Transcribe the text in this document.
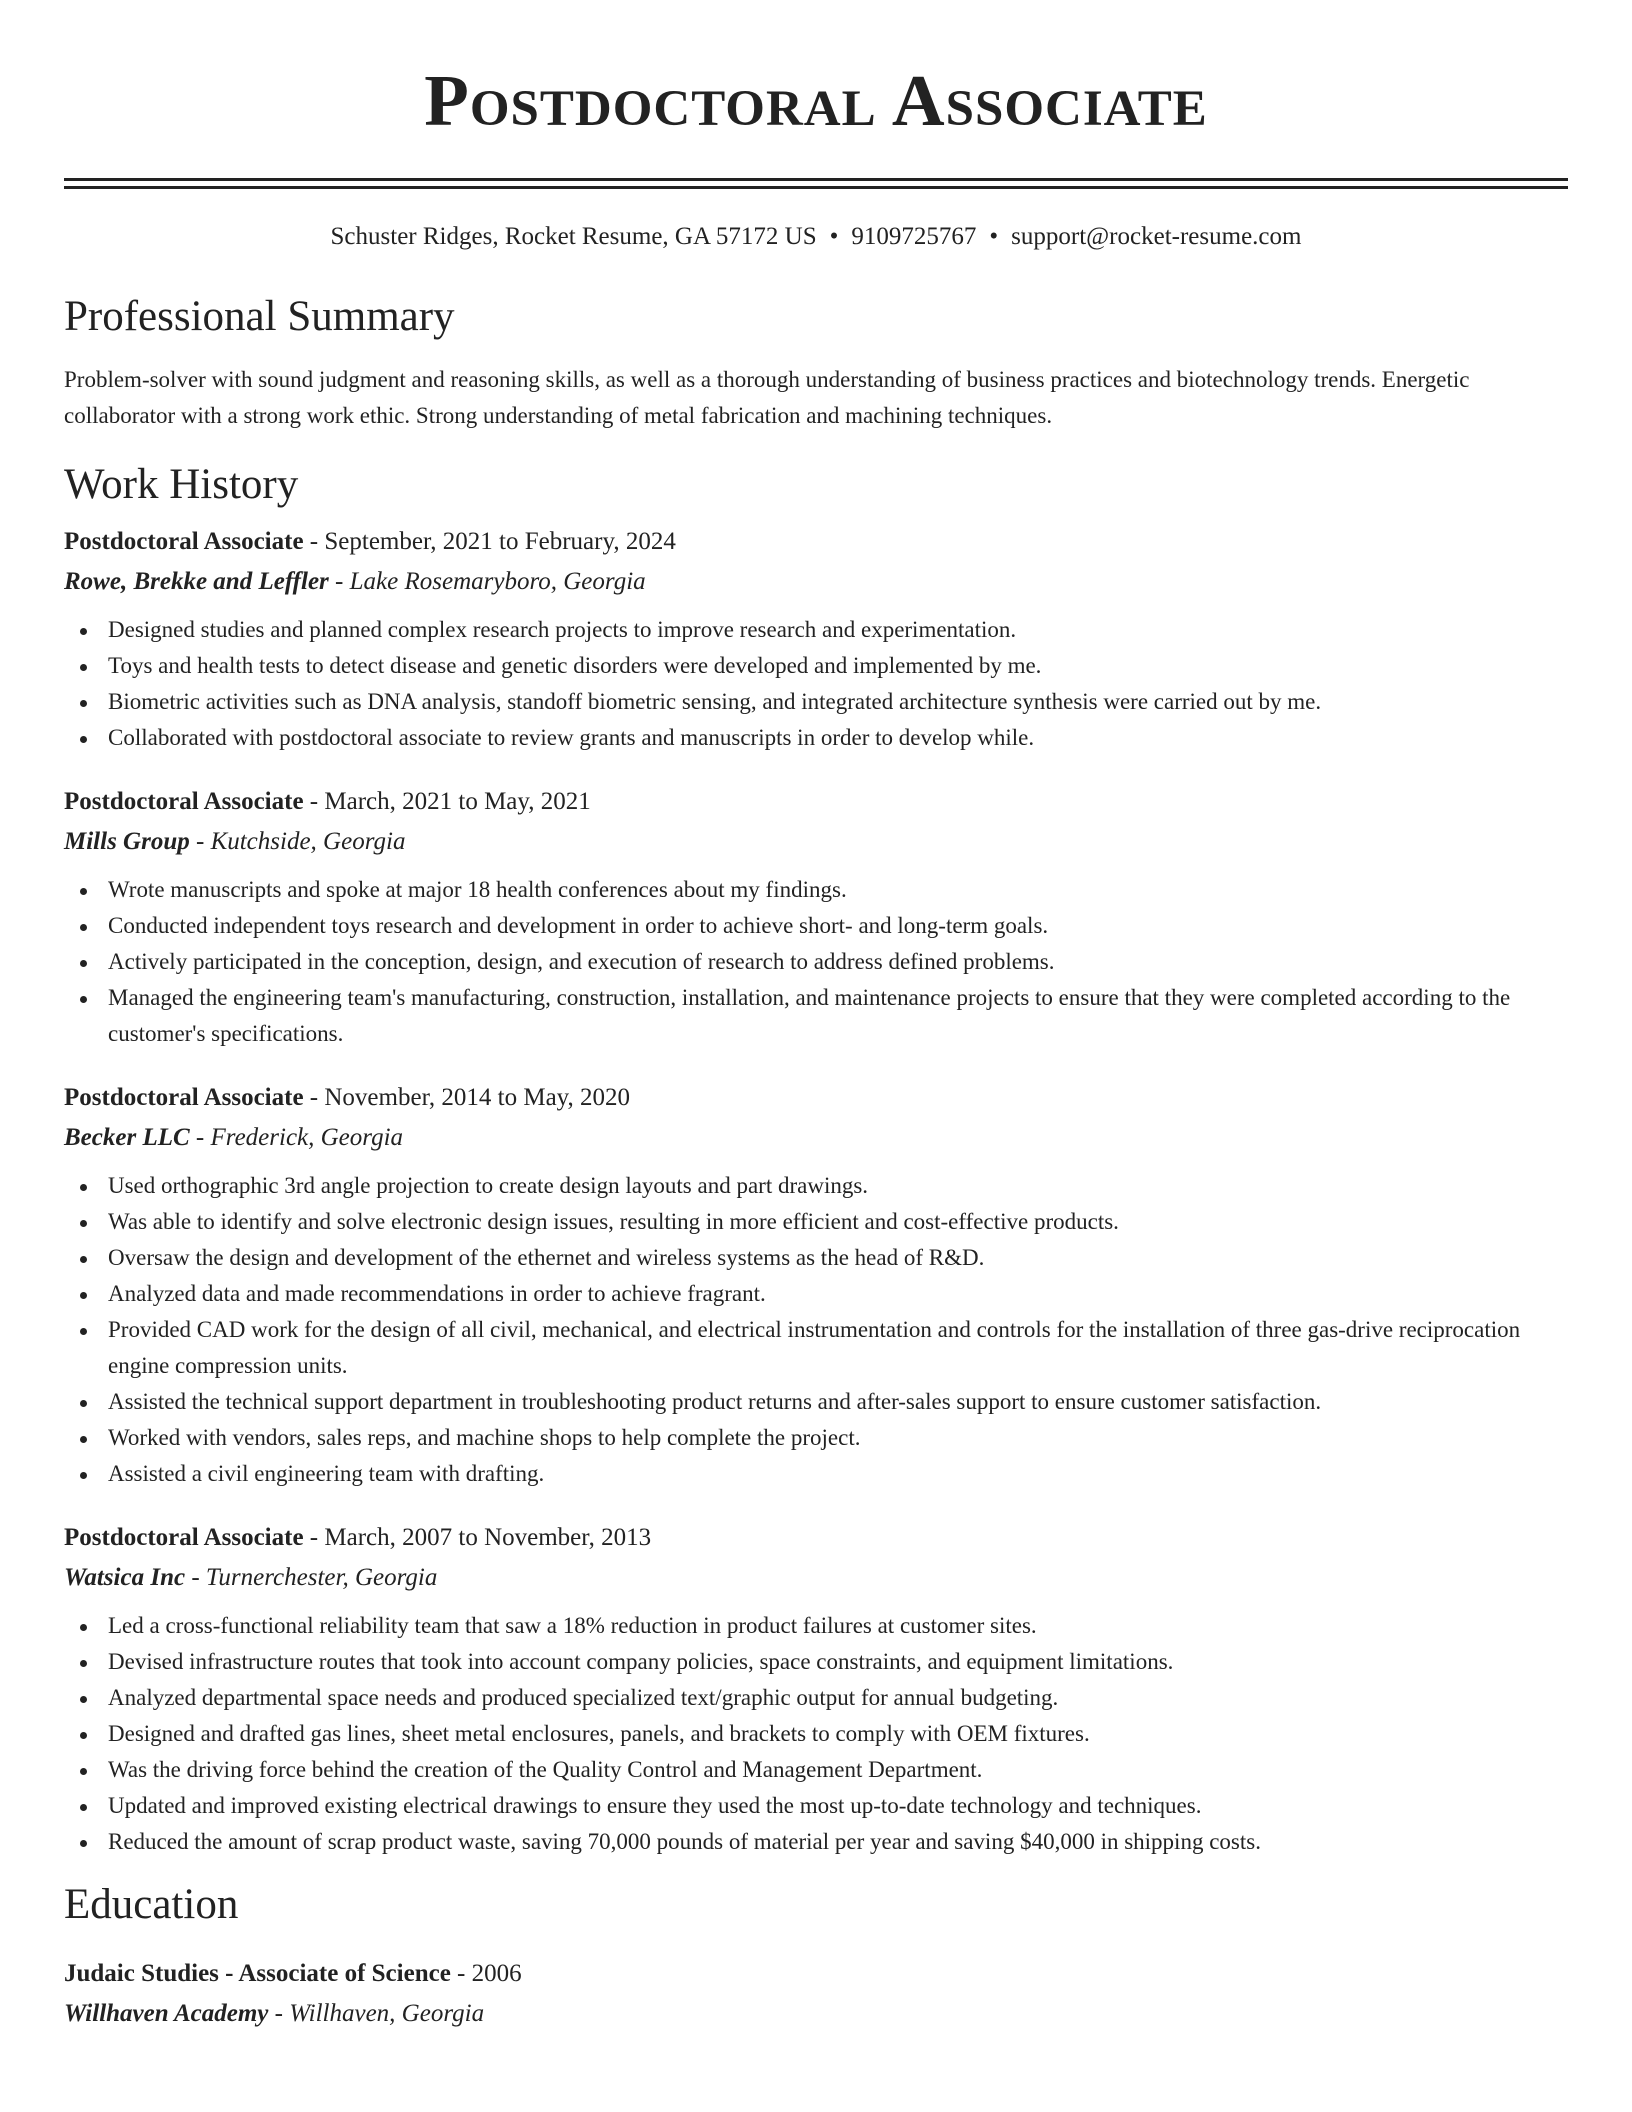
Postdoctoral Associate
Schuster Ridges, Rocket Resume, GA 57172 US • 9109725767 • support@rocket-resume.com
Professional Summary
Problem-solver with sound judgment and reasoning skills, as well as a thorough understanding of business practices and biotechnology trends. Energetic collaborator with a strong work ethic. Strong understanding of metal fabrication and machining techniques.
Work History
Postdoctoral Associate - September, 2021 to February, 2024
Rowe, Brekke and Leffler - Lake Rosemaryboro, Georgia
Designed studies and planned complex research projects to improve research and experimentation.
Toys and health tests to detect disease and genetic disorders were developed and implemented by me.
Biometric activities such as DNA analysis, standoff biometric sensing, and integrated architecture synthesis were carried out by me.
Collaborated with postdoctoral associate to review grants and manuscripts in order to develop while.
Postdoctoral Associate - March, 2021 to May, 2021
Mills Group - Kutchside, Georgia
Wrote manuscripts and spoke at major 18 health conferences about my findings.
Conducted independent toys research and development in order to achieve short- and long-term goals.
Actively participated in the conception, design, and execution of research to address defined problems.
Managed the engineering team's manufacturing, construction, installation, and maintenance projects to ensure that they were completed according to the customer's specifications.
Postdoctoral Associate - November, 2014 to May, 2020
Becker LLC - Frederick, Georgia
Used orthographic 3rd angle projection to create design layouts and part drawings.
Was able to identify and solve electronic design issues, resulting in more efficient and cost-effective products.
Oversaw the design and development of the ethernet and wireless systems as the head of R&D.
Analyzed data and made recommendations in order to achieve fragrant.
Provided CAD work for the design of all civil, mechanical, and electrical instrumentation and controls for the installation of three gas-drive reciprocation engine compression units.
Assisted the technical support department in troubleshooting product returns and after-sales support to ensure customer satisfaction.
Worked with vendors, sales reps, and machine shops to help complete the project.
Assisted a civil engineering team with drafting.
Postdoctoral Associate - March, 2007 to November, 2013
Watsica Inc - Turnerchester, Georgia
Led a cross-functional reliability team that saw a 18% reduction in product failures at customer sites.
Devised infrastructure routes that took into account company policies, space constraints, and equipment limitations.
Analyzed departmental space needs and produced specialized text/graphic output for annual budgeting.
Designed and drafted gas lines, sheet metal enclosures, panels, and brackets to comply with OEM fixtures.
Was the driving force behind the creation of the Quality Control and Management Department.
Updated and improved existing electrical drawings to ensure they used the most up-to-date technology and techniques.
Reduced the amount of scrap product waste, saving 70,000 pounds of material per year and saving $40,000 in shipping costs.
Education
Judaic Studies - Associate of Science - 2006
Willhaven Academy - Willhaven, Georgia
